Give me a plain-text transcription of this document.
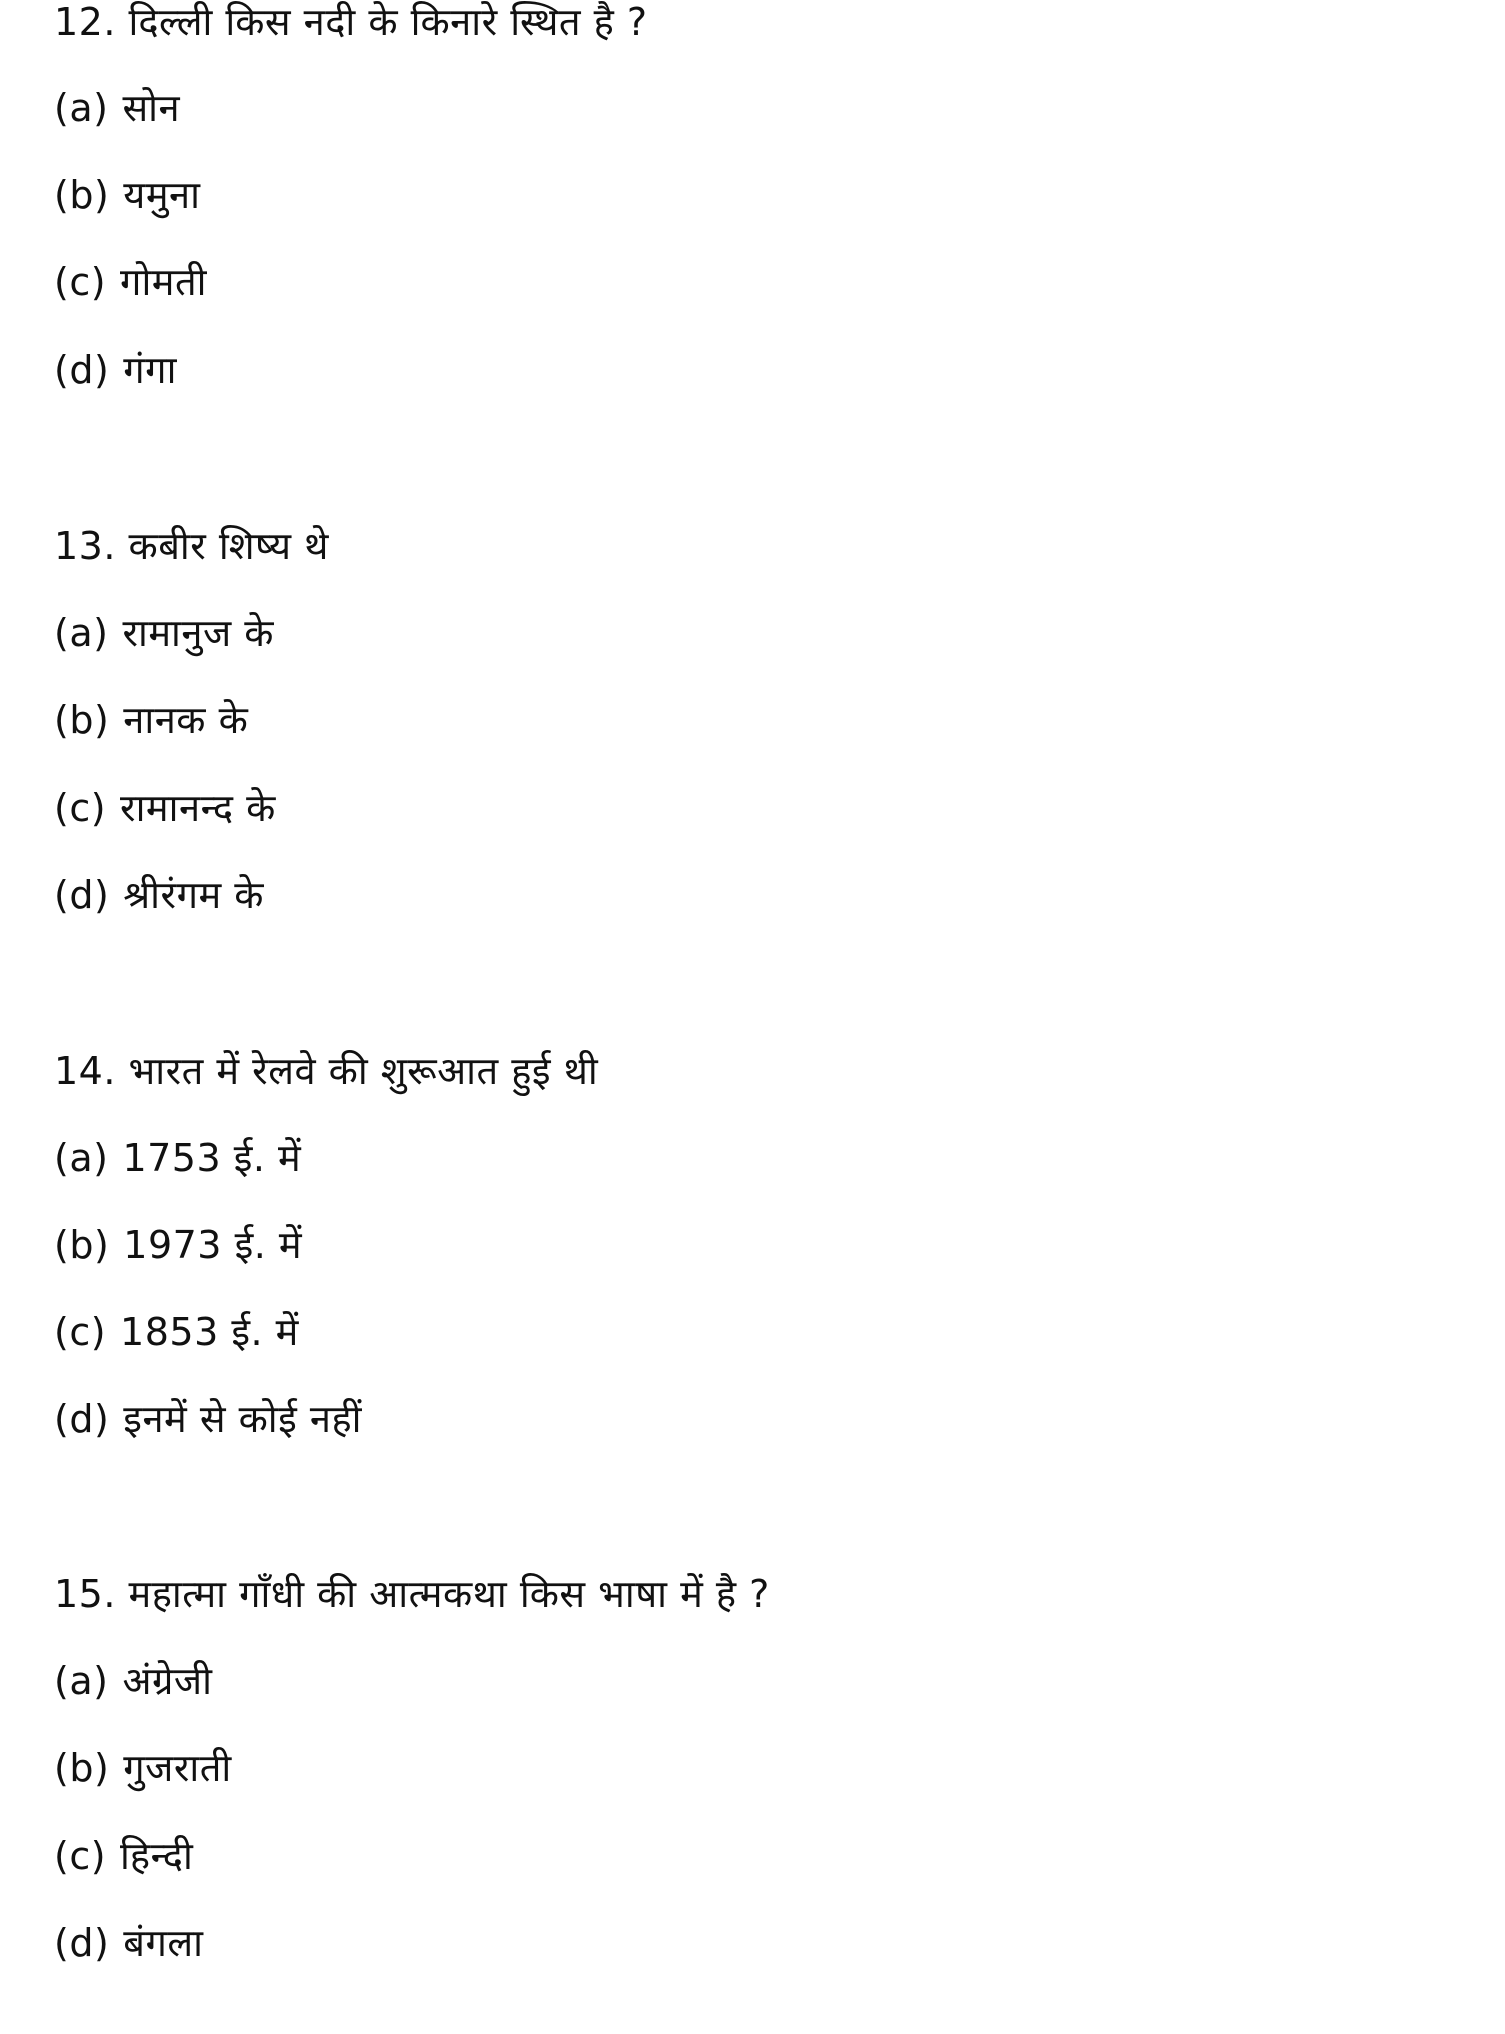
12. दिल्ली किस नदी के किनारे स्थित है ?
(a) सोन
(b) यमुना
(c) गोमती
(d) गंगा
13. कबीर शिष्य थे
(a) रामानुज के
(b) नानक के
(c) रामानन्द के
(d) श्रीरंगम के
14. भारत में रेलवे की शुरूआत हुई थी
(a) 1753 ई. में
(b) 1973 ई. में
(c) 1853 ई. में
(d) इनमें से कोई नहीं
15. महात्मा गाँधी की आत्मकथा किस भाषा में है ?
(a) अंग्रेजी
(b) गुजराती
(c) हिन्दी
(d) बंगला
